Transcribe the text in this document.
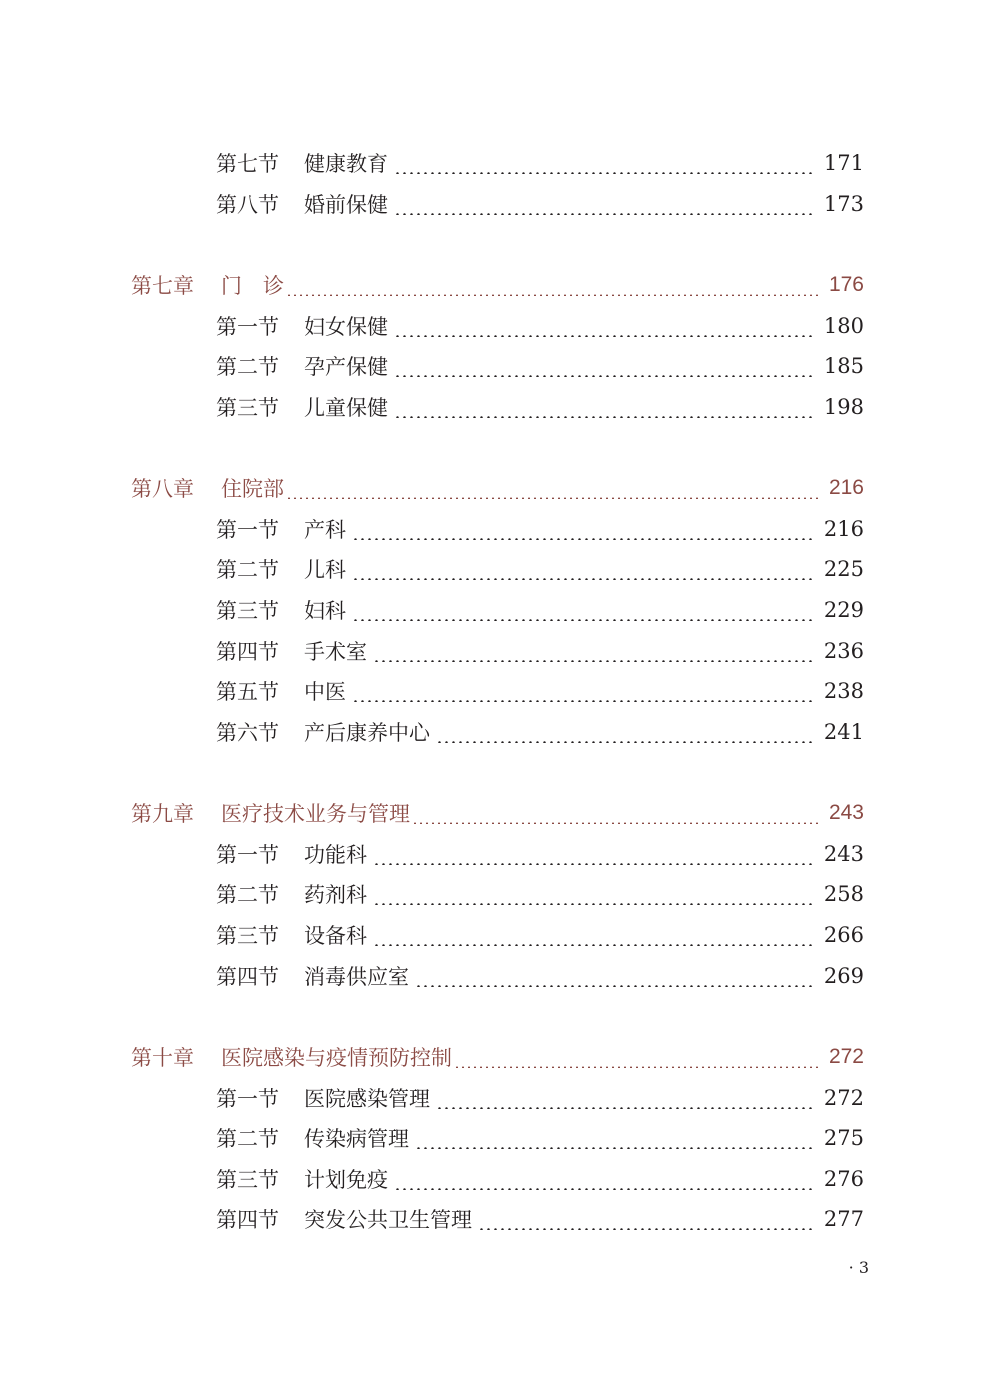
第七节	健康教育	171
第八节	婚前保健	173
第七章	门　诊	176
第一节	妇女保健	180
第二节	孕产保健	185
第三节	儿童保健	198
第八章	住院部	216
第一节	产科	216
第二节	儿科	225
第三节	妇科	229
第四节	手术室	236
第五节	中医	238
第六节	产后康养中心	241
第九章	医疗技术业务与管理	243
第一节	功能科	243
第二节	药剂科	258
第三节	设备科	266
第四节	消毒供应室	269
第十章	医院感染与疫情预防控制	272
第一节	医院感染管理	272
第二节	传染病管理	275
第三节	计划免疫	276
第四节	突发公共卫生管理	277
· 3
